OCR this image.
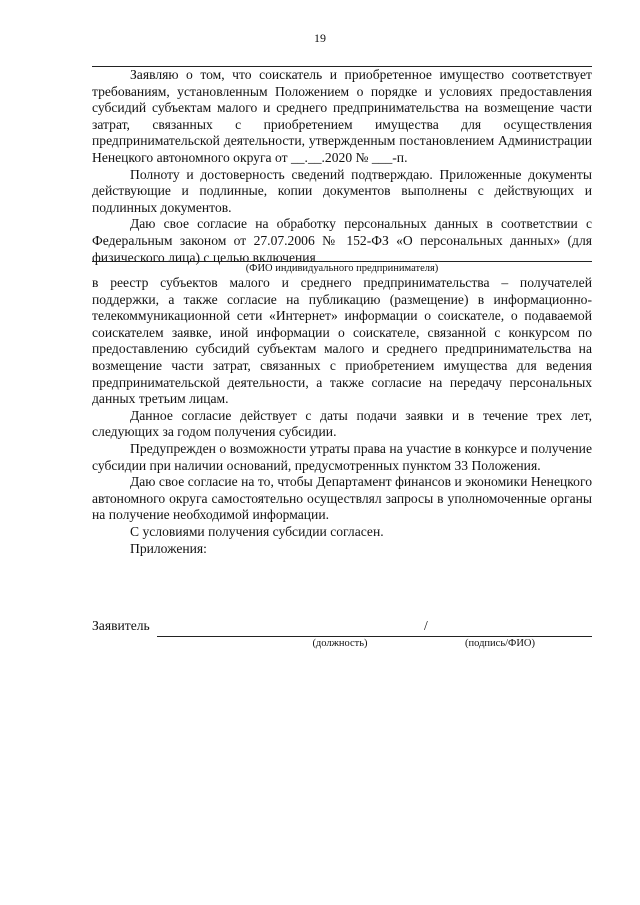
19

Заявляю о том, что соискатель и приобретенное имущество соответствует требованиям, установленным Положением о порядке и условиях предоставления субсидий субъектам малого и среднего предпринимательства на возмещение части затрат, связанных с приобретением имущества для осуществления предпринимательской деятельности, утвержденным постановлением Администрации Ненецкого автономного округа от __.__.2020 № ___-п.

Полноту и достоверность сведений подтверждаю. Приложенные документы действующие и подлинные, копии документов выполнены с действующих и подлинных документов.

Даю свое согласие на обработку персональных данных в соответствии с Федеральным законом от 27.07.2006 № 152-ФЗ «О персональных данных» (для физического лица) с целью включения

(ФИО индивидуального предпринимателя)

в реестр субъектов малого и среднего предпринимательства – получателей поддержки, а также согласие на публикацию (размещение) в информационно-телекоммуникационной сети «Интернет» информации о соискателе, о подаваемой соискателем заявке, иной информации о соискателе, связанной с конкурсом по предоставлению субсидий субъектам малого и среднего предпринимательства на возмещение части затрат, связанных с приобретением имущества для ведения предпринимательской деятельности, а также согласие на передачу персональных данных третьим лицам.

Данное согласие действует с даты подачи заявки и в течение трех лет, следующих за годом получения субсидии.

Предупрежден о возможности утраты права на участие в конкурсе и получение субсидии при наличии оснований, предусмотренных пунктом 33 Положения.

Даю свое согласие на то, чтобы Департамент финансов и экономики Ненецкого автономного округа самостоятельно осуществлял запросы в уполномоченные органы на получение необходимой информации.

С условиями получения субсидии согласен.

Приложения:

Заявитель	/
(должность)	(подпись/ФИО)
